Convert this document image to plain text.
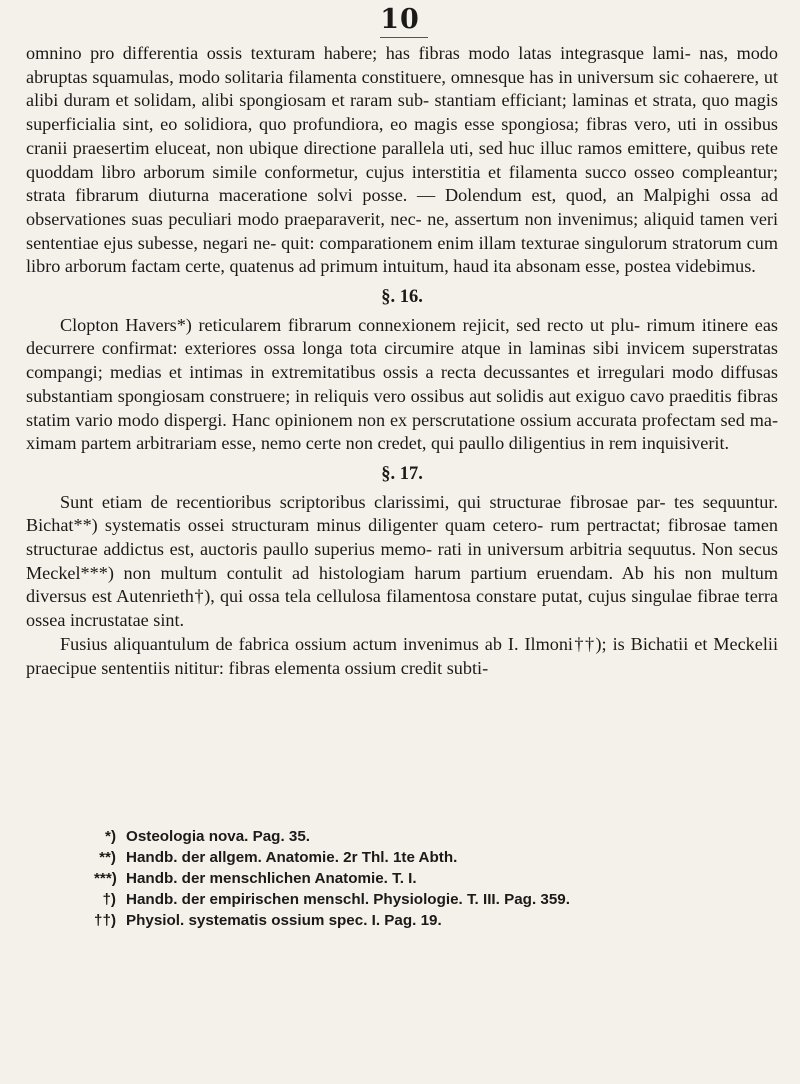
10

omnino pro differentia ossis texturam habere; has fibras modo latas integrasque lami- nas, modo abruptas squamulas, modo solitaria filamenta constituere, omnesque has in universum sic cohaerere, ut alibi duram et solidam, alibi spongiosam et raram sub- stantiam efficiant; laminas et strata, quo magis superficialia sint, eo solidiora, quo profundiora, eo magis esse spongiosa; fibras vero, uti in ossibus cranii praesertim eluceat, non ubique directione parallela uti, sed huc illuc ramos emittere, quibus rete quoddam libro arborum simile conformetur, cujus interstitia et filamenta succo osseo compleantur; strata fibrarum diuturna maceratione solvi posse. — Dolendum est, quod, an Malpighi ossa ad observationes suas peculiari modo praeparaverit, nec- ne, assertum non invenimus; aliquid tamen veri sententiae ejus subesse, negari ne- quit: comparationem enim illam texturae singulorum stratorum cum libro arborum factam certe, quatenus ad primum intuitum, haud ita absonam esse, postea videbimus.

§. 16.

Clopton Havers*) reticularem fibrarum connexionem rejicit, sed recto ut plu- rimum itinere eas decurrere confirmat: exteriores ossa longa tota circumire atque in laminas sibi invicem superstratas compangi; medias et intimas in extremitatibus ossis a recta decussantes et irregulari modo diffusas substantiam spongiosam construere; in reliquis vero ossibus aut solidis aut exiguo cavo praeditis fibras statim vario modo dispergi. Hanc opinionem non ex perscrutatione ossium accurata profectam sed ma- ximam partem arbitrariam esse, nemo certe non credet, qui paullo diligentius in rem inquisiverit.

§. 17.

Sunt etiam de recentioribus scriptoribus clarissimi, qui structurae fibrosae par- tes sequuntur. Bichat**) systematis ossei structuram minus diligenter quam cetero- rum pertractat; fibrosae tamen structurae addictus est, auctoris paullo superius memo- rati in universum arbitria sequutus. Non secus Meckel***) non multum contulit ad histologiam harum partium eruendam. Ab his non multum diversus est Autenrieth†), qui ossa tela cellulosa filamentosa constare putat, cujus singulae fibrae terra ossea incrustatae sint.

Fusius aliquantulum de fabrica ossium actum invenimus ab I. Ilmoni††); is Bichatii et Meckelii praecipue sententiis nititur: fibras elementa ossium credit subti-

*) Osteologia nova. Pag. 35.
**) Handb. der allgem. Anatomie. 2r Thl. 1te Abth.
***) Handb. der menschlichen Anatomie. T. I.
†) Handb. der empirischen menschl. Physiologie. T. III. Pag. 359.
††) Physiol. systematis ossium spec. I. Pag. 19.
